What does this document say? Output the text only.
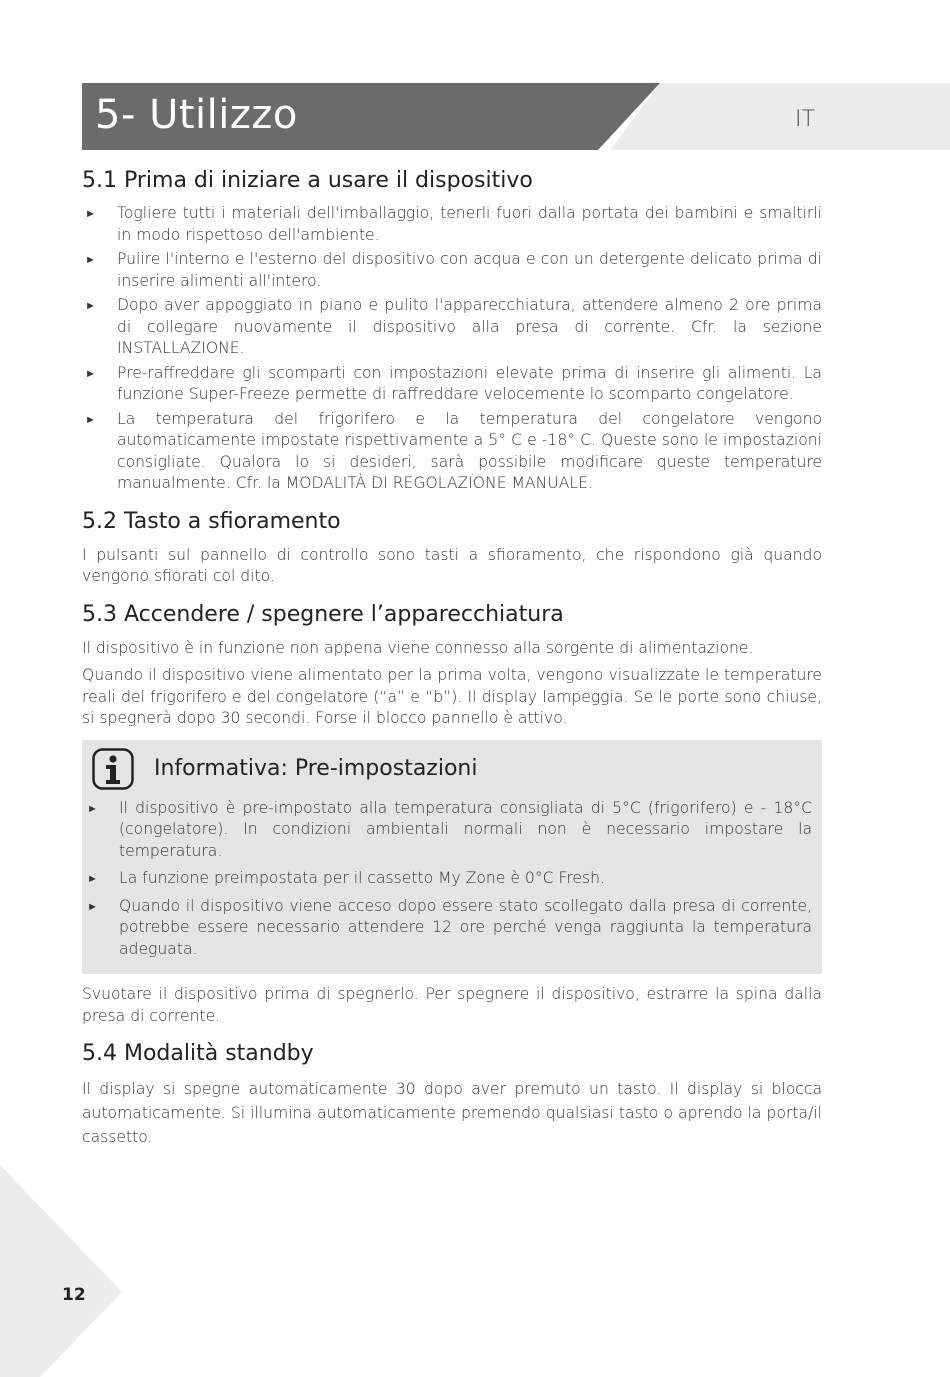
5- Utilizzo	IT
5.1 Prima di iniziare a usare il dispositivo
► Togliere tutti i materiali dell'imballaggio, tenerli fuori dalla portata dei bambini e smaltirli in modo rispettoso dell'ambiente.
► Pulire l'interno e l'esterno del dispositivo con acqua e con un detergente delicato prima di inserire alimenti all'intero.
► Dopo aver appoggiato in piano e pulito l'apparecchiatura, attendere almeno 2 ore prima di collegare nuovamente il dispositivo alla presa di corrente. Cfr. la sezione INSTALLAZIONE.
► Pre-raffreddare gli scomparti con impostazioni elevate prima di inserire gli alimenti. La funzione Super-Freeze permette di raffreddare velocemente lo scomparto congelatore.
► La temperatura del frigorifero e la temperatura del congelatore vengono automaticamente impostate rispettivamente a 5° C e -18° C. Queste sono le impostazioni consigliate. Qualora lo si desideri, sarà possibile modificare queste temperature manualmente. Cfr. la MODALITÀ DI REGOLAZIONE MANUALE.
5.2 Tasto a sfioramento

I pulsanti sul pannello di controllo sono tasti a sfioramento, che rispondono già quando vengono sfiorati col dito.

5.3 Accendere / spegnere l’apparecchiatura

Il dispositivo è in funzione non appena viene connesso alla sorgente di alimentazione.

Quando il dispositivo viene alimentato per la prima volta, vengono visualizzate le temperature reali del frigorifero e del congelatore (“a” e “b”). Il display lampeggia. Se le porte sono chiuse, si spegnerà dopo 30 secondi. Forse il blocco pannello è attivo.

Informativa: Pre-impostazioni
► Il dispositivo è pre-impostato alla temperatura consigliata di 5°C (frigorifero) e - 18°C (congelatore). In condizioni ambientali normali non è necessario impostare la temperatura.
► La funzione preimpostata per il cassetto My Zone è 0°C Fresh.
► Quando il dispositivo viene acceso dopo essere stato scollegato dalla presa di corrente, potrebbe essere necessario attendere 12 ore perché venga raggiunta la temperatura adeguata.

Svuotare il dispositivo prima di spegnerlo. Per spegnere il dispositivo, estrarre la spina dalla presa di corrente.

5.4 Modalità standby

Il display si spegne automaticamente 30 dopo aver premuto un tasto. Il display si blocca automaticamente. Si illumina automaticamente premendo qualsiasi tasto o aprendo la porta/il cassetto.

12
